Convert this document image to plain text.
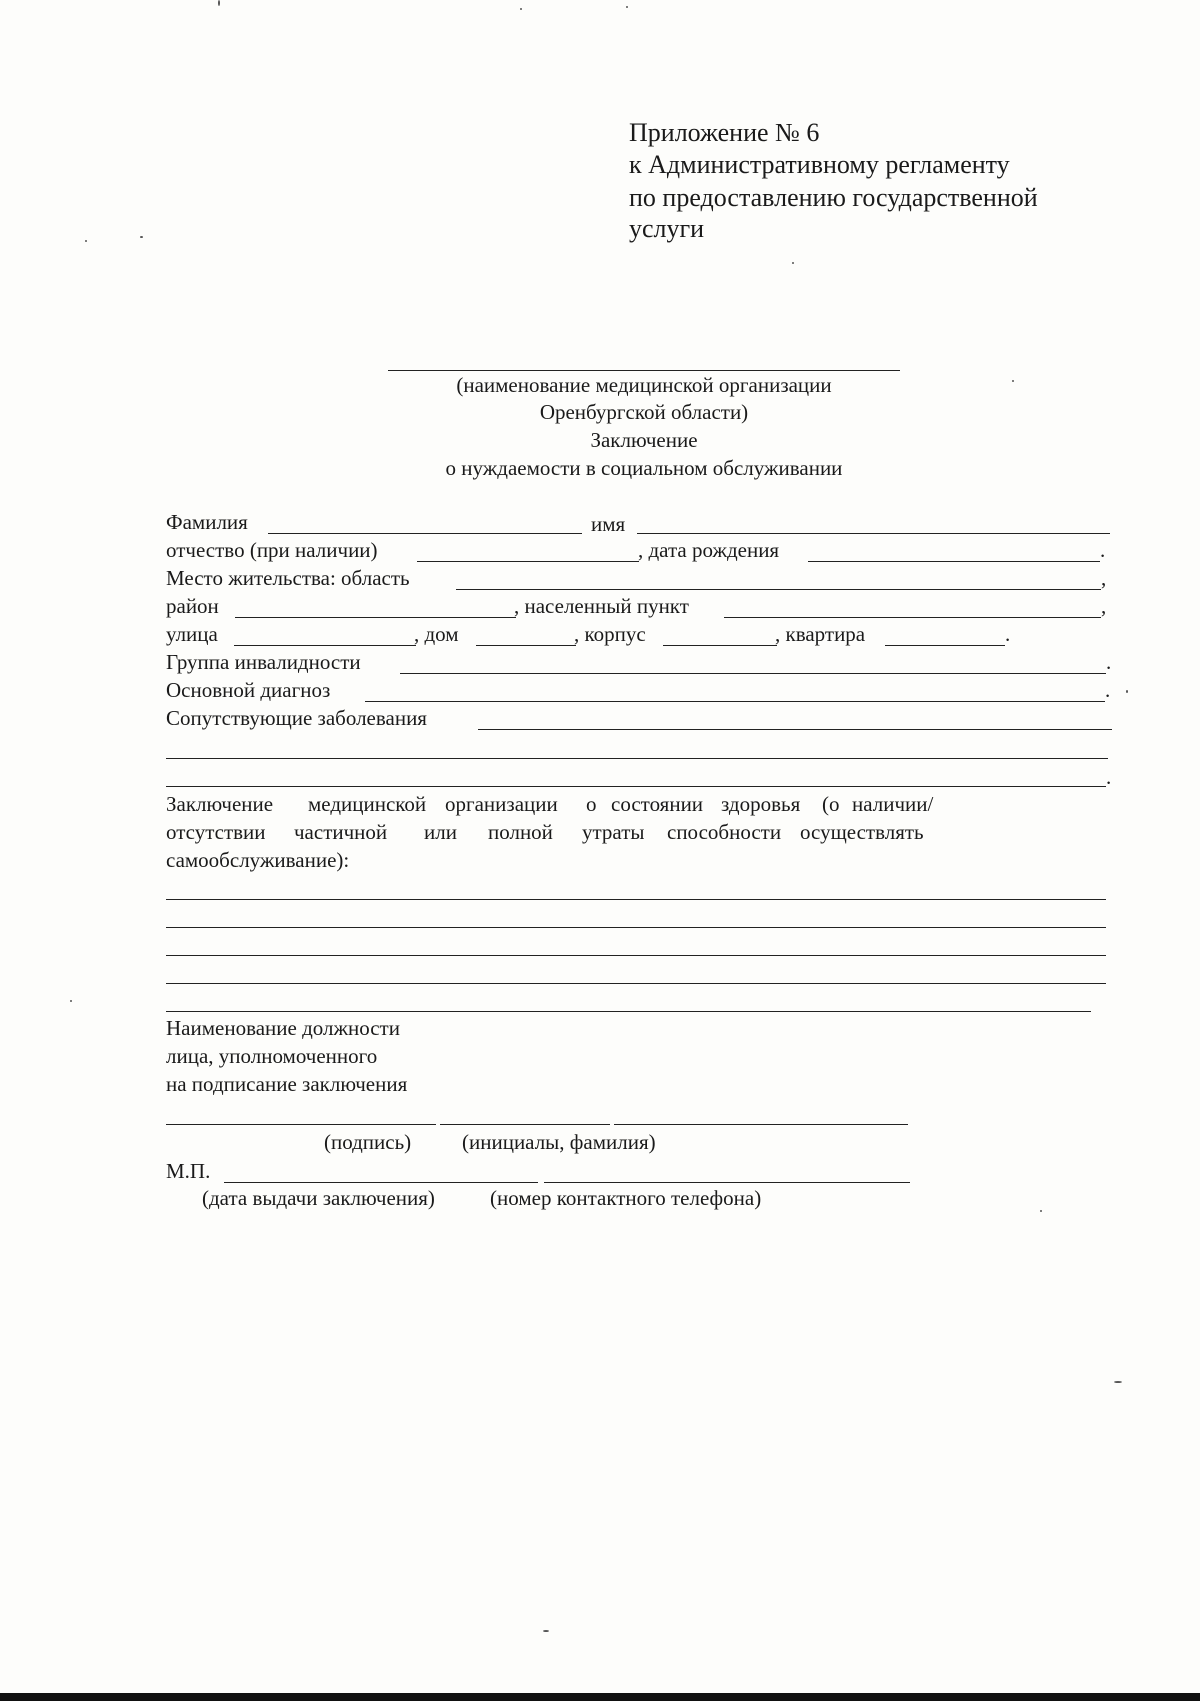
Приложение № 6
к Административному регламенту
по предоставлению государственной
услуги
(наименование медицинской организации
Оренбургской области)
Заключение
о нуждаемости в социальном обслуживании
Фамилия	имя
отчество (при наличии)	, дата рождения	.
Место жительства: область	,
район	, населенный пункт	,
улица	, дом	, корпус	, квартира	.
Группа инвалидности	.
Основной диагноз	.
Сопутствующие заболевания
.
Заключение медицинской организации о состоянии здоровья (о наличии/
отсутствии частичной или полной утраты способности осуществлять
самообслуживание):
Наименование должности
лица, уполномоченного
на подписание заключения
(подпись) (инициалы, фамилия)
М.П.
(дата выдачи заключения)	(номер контактного телефона)
